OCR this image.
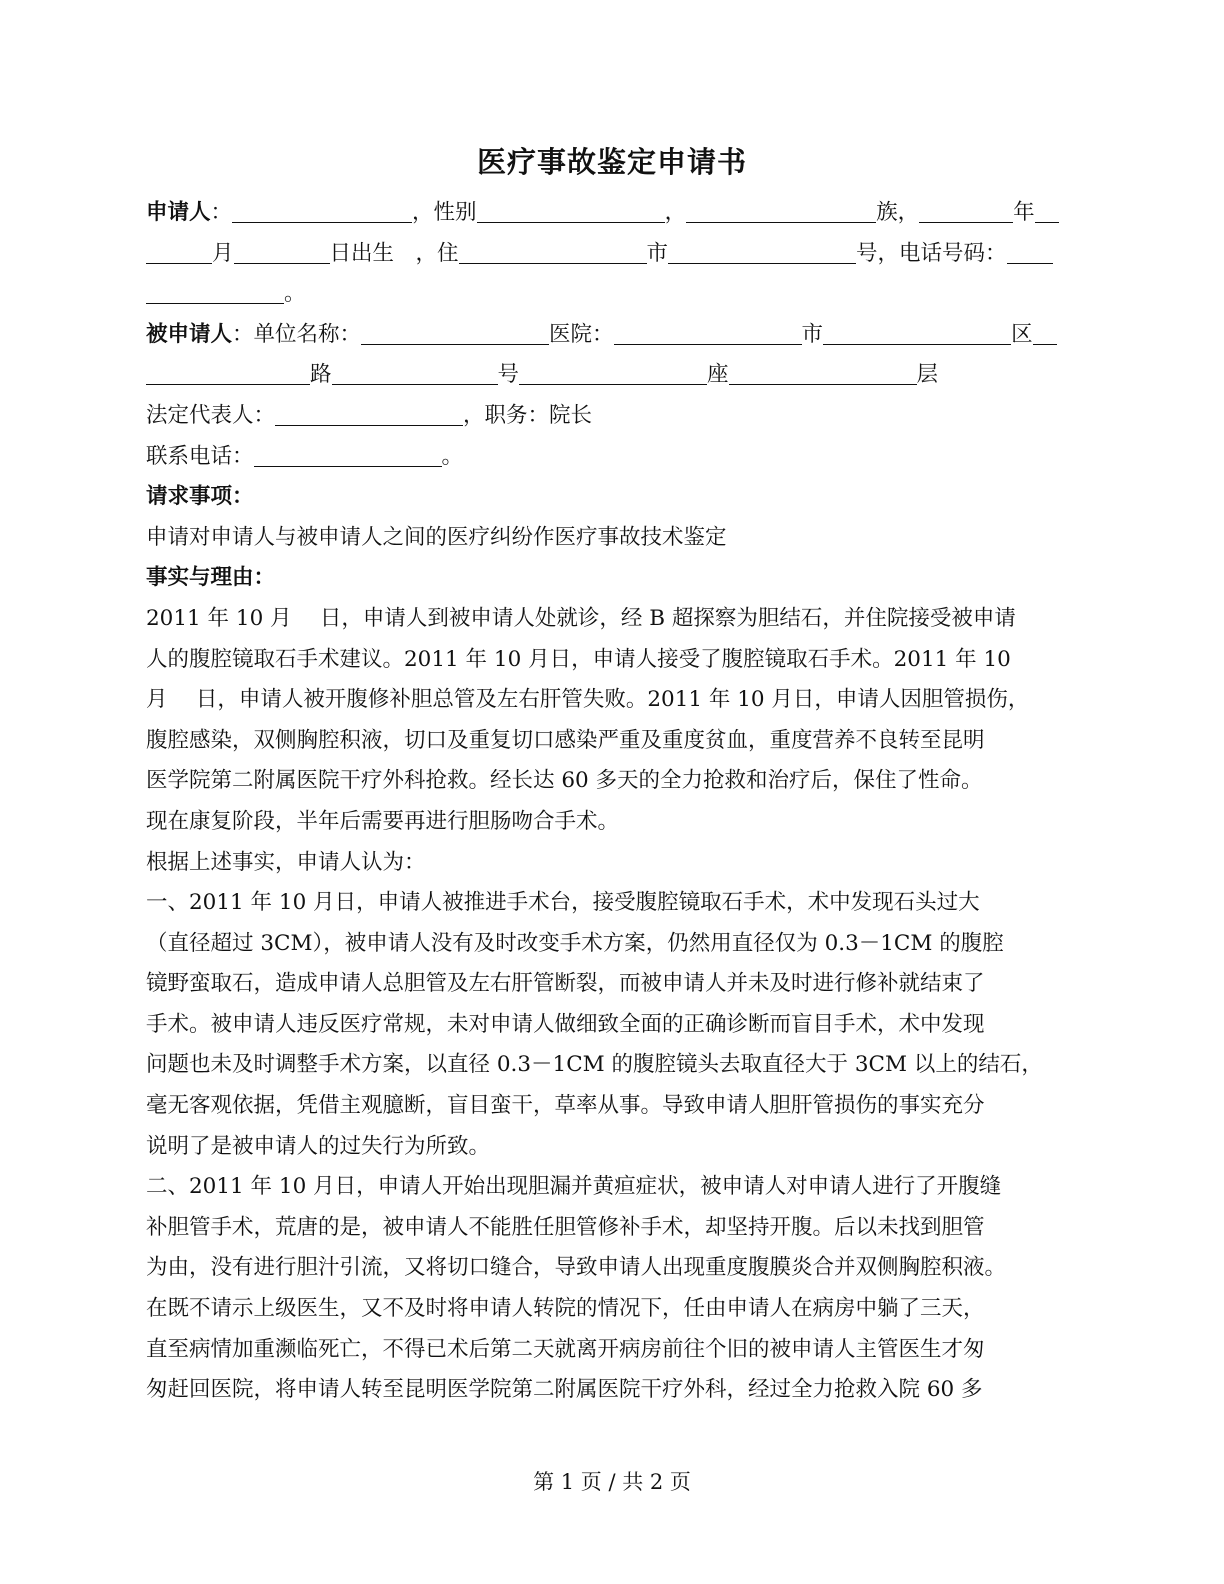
医疗事故鉴定申请书
申请人：	，性别	，	族，	年
月	日出生　，住	市	号，电话号码：
。
被申请人：单位名称：	医院：	市	区
路	号	座	层
法定代表人：	，职务：院长
联系电话：	。
请求事项：
申请对申请人与被申请人之间的医疗纠纷作医疗事故技术鉴定
事实与理由：
2011 年 10 月　 日，申请人到被申请人处就诊，经 B 超探察为胆结石，并住院接受被申请
人的腹腔镜取石手术建议。2011 年 10 月日，申请人接受了腹腔镜取石手术。2011 年 10
月　 日，申请人被开腹修补胆总管及左右肝管失败。2011 年 10 月日，申请人因胆管损伤，
腹腔感染，双侧胸腔积液，切口及重复切口感染严重及重度贫血，重度营养不良转至昆明
医学院第二附属医院干疗外科抢救。经长达 60 多天的全力抢救和治疗后，保住了性命。
现在康复阶段，半年后需要再进行胆肠吻合手术。
根据上述事实，申请人认为：
一、2011 年 10 月日，申请人被推进手术台，接受腹腔镜取石手术，术中发现石头过大
（直径超过 3CM），被申请人没有及时改变手术方案，仍然用直径仅为 0.3－1CM 的腹腔
镜野蛮取石，造成申请人总胆管及左右肝管断裂，而被申请人并未及时进行修补就结束了
手术。被申请人违反医疗常规，未对申请人做细致全面的正确诊断而盲目手术，术中发现
问题也未及时调整手术方案，以直径 0.3－1CM 的腹腔镜头去取直径大于 3CM 以上的结石，
毫无客观依据，凭借主观臆断，盲目蛮干，草率从事。导致申请人胆肝管损伤的事实充分
说明了是被申请人的过失行为所致。
二、2011 年 10 月日，申请人开始出现胆漏并黄疸症状，被申请人对申请人进行了开腹缝
补胆管手术，荒唐的是，被申请人不能胜任胆管修补手术，却坚持开腹。后以未找到胆管
为由，没有进行胆汁引流，又将切口缝合，导致申请人出现重度腹膜炎合并双侧胸腔积液。
在既不请示上级医生，又不及时将申请人转院的情况下，任由申请人在病房中躺了三天，
直至病情加重濒临死亡，不得已术后第二天就离开病房前往个旧的被申请人主管医生才匆
匆赶回医院，将申请人转至昆明医学院第二附属医院干疗外科，经过全力抢救入院 60 多
第 1 页 / 共 2 页
